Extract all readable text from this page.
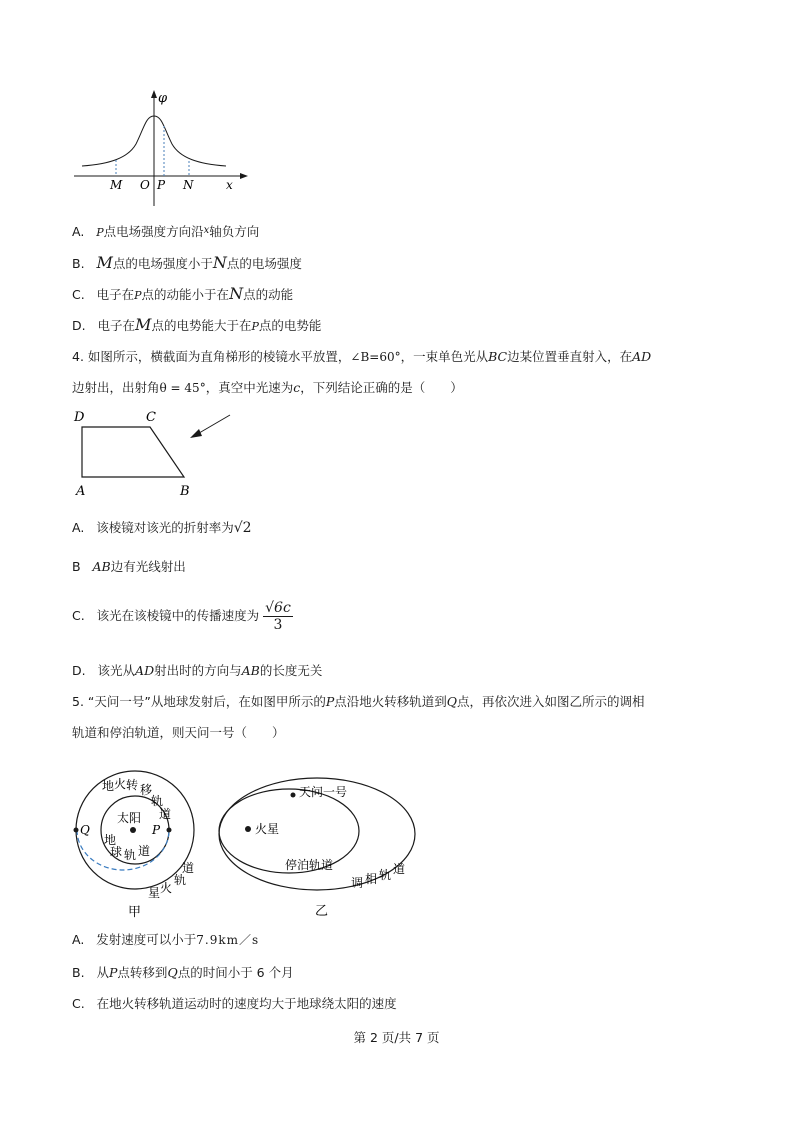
φ
M O P N	x
A. P点电场强度方向沿$^x$轴负方向
B. M点的电场强度小于N点的电场强度
C. 电子在P点的动能小于在N点的动能
D. 电子在M点的电势能大于在P点的电势能
4. 如图所示，横截面为直角梯形的棱镜水平放置，∠B=60°，一束单色光从BC边某位置垂直射入，在AD
边射出，出射角θ = 45°，真空中光速为c，下列结论正确的是（　　）
D	C
A	B
A. 该棱镜对该光的折射率为√2
B AB边有光线射出
C. 该光在该棱镜中的传播速度为 $\frac{√6c}{3}$
D. 该光从AD射出时的方向与AB的长度无关
5. “天问一号”从地球发射后，在如图甲所示的P点沿地火转移轨道到Q点，再依次进入如图乙所示的调相
轨道和停泊轨道，则天问一号（　　）
太阳
Q	P
地 火 转 移
轨
道
地
球 轨 道
道
轨
火
星
甲
天问一号
火星
停泊轨道
调 相 轨 道
乙
A. 发射速度可以小于7.9km／s
B. 从P点转移到Q点的时间小于 6 个月
C. 在地火转移轨道运动时的速度均大于地球绕太阳的速度
第 2 页/共 7 页
